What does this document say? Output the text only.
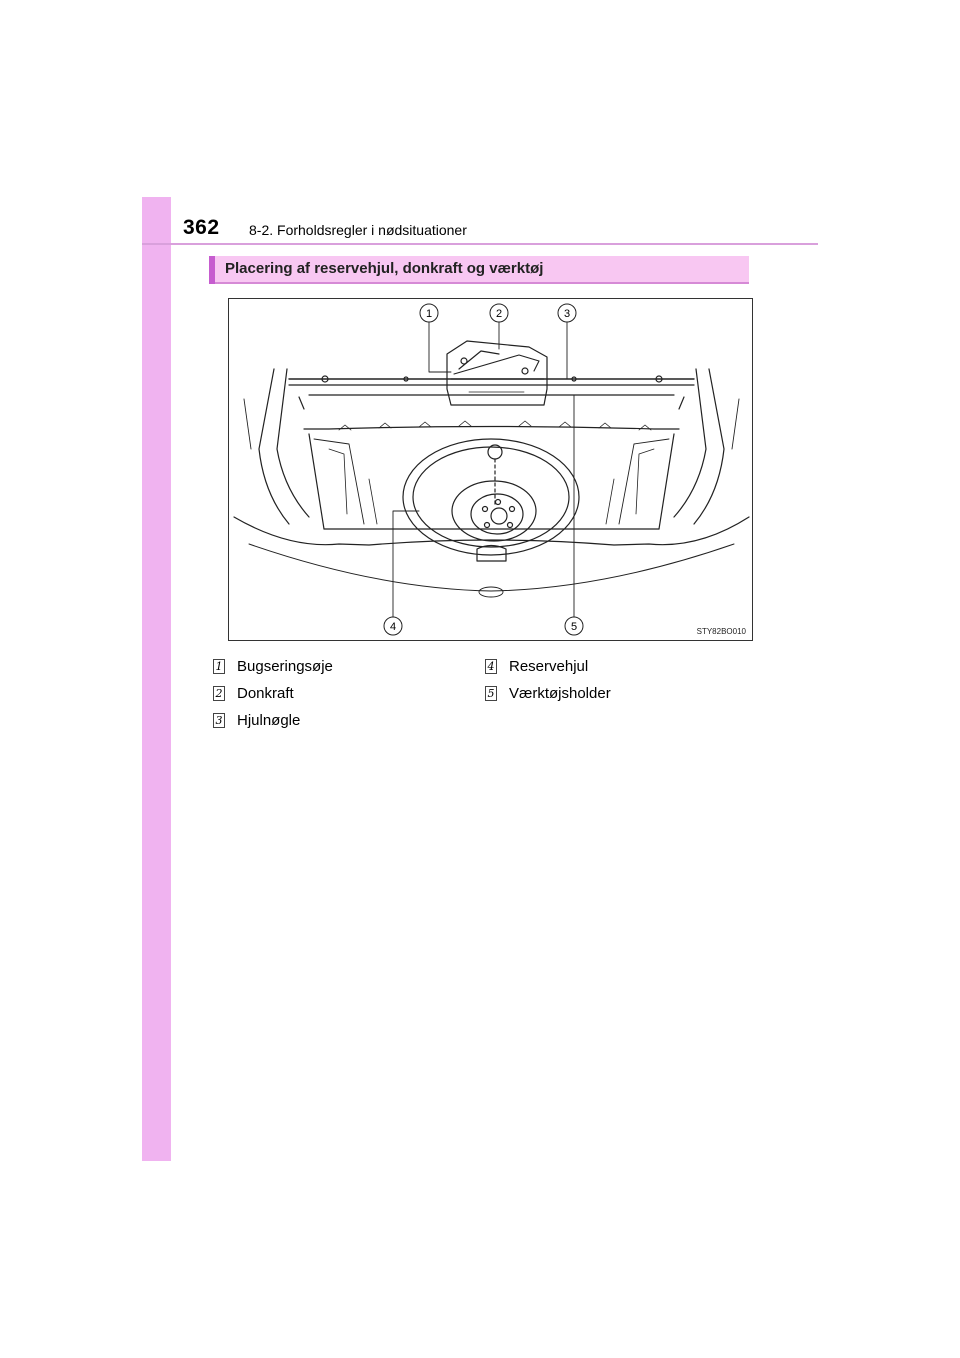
362 8-2. Forholdsregler i nødsituationer
Placering af reservehjul, donkraft og værktøj
1	2	3
4	5	STY82BO010
1 Bugseringsøje
2 Donkraft
3 Hjulnøgle
4 Reservehjul
5 Værktøjsholder
